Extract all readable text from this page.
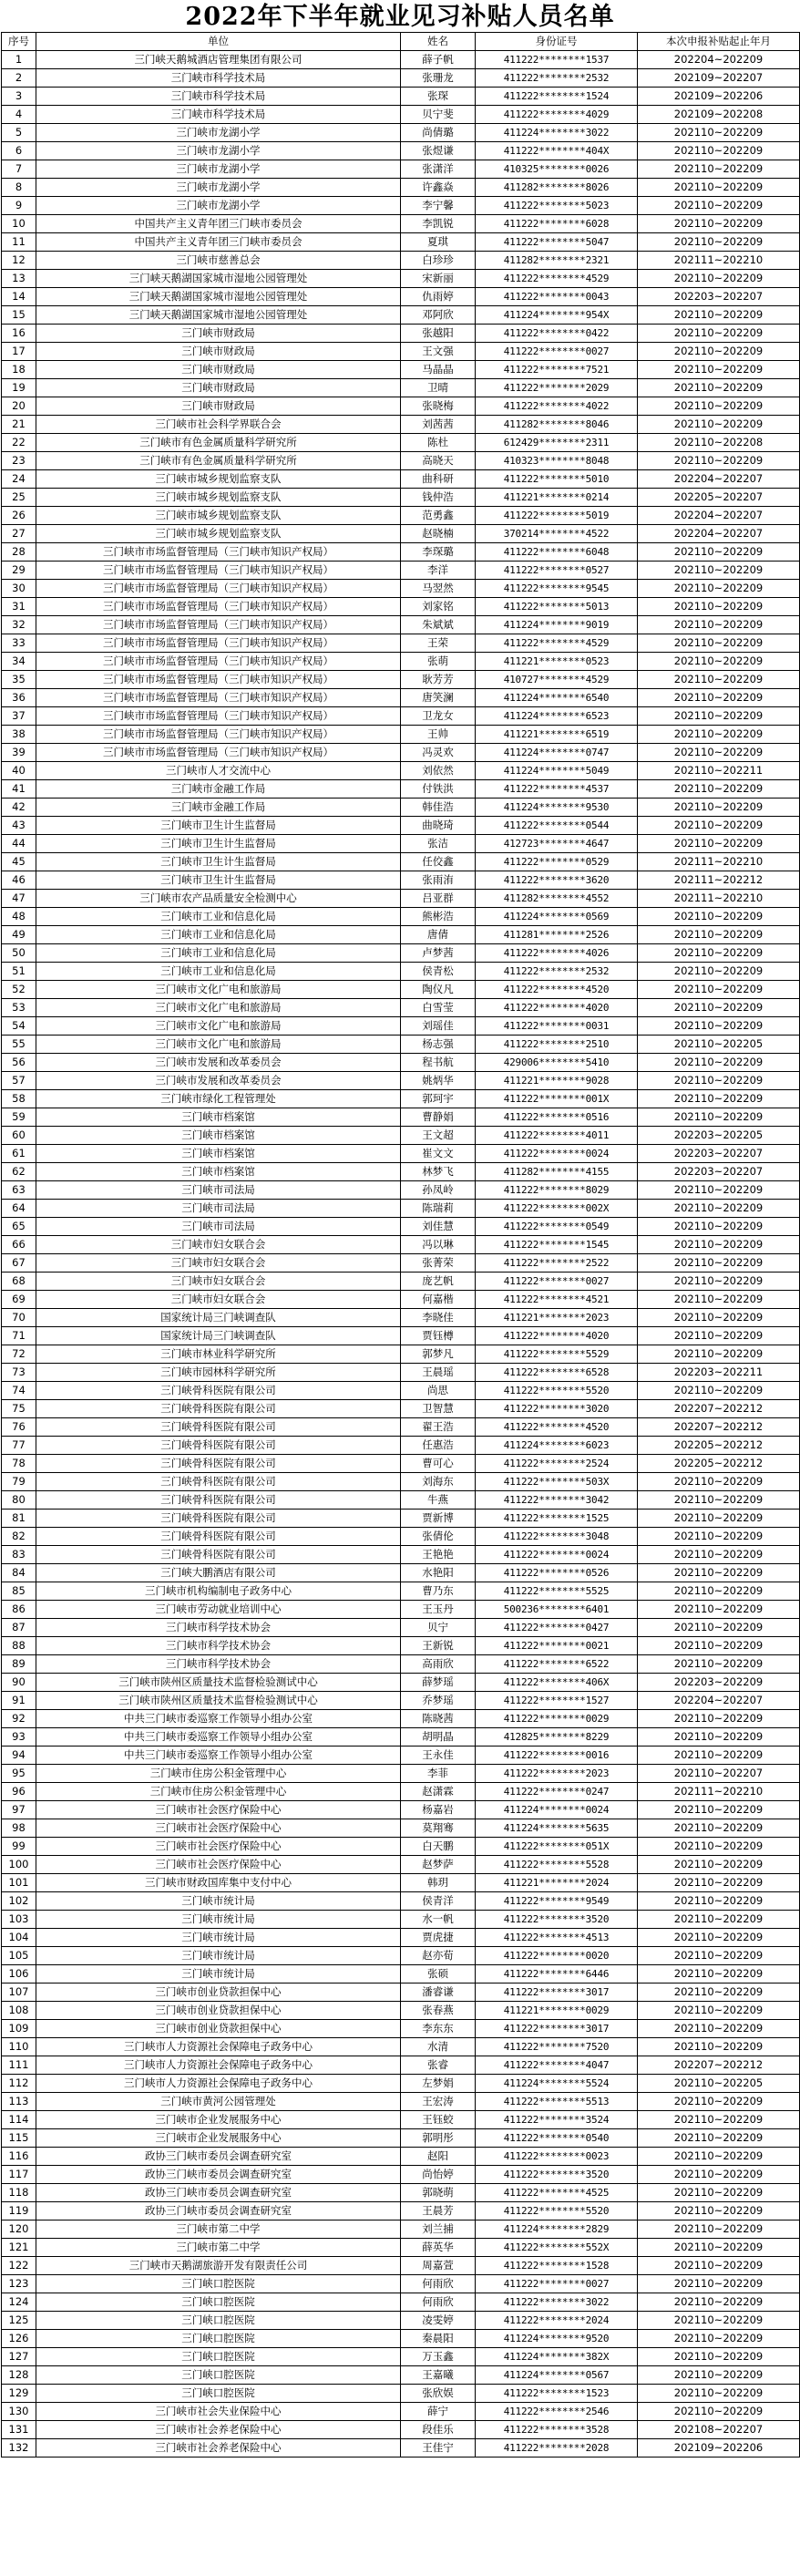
2022年下半年就业见习补贴人员名单
序号	单位	姓名	身份证号	本次申报补贴起止年月
1	三门峡天鹅城酒店管理集团有限公司	薛子帆	411222********1537	202204~202209
2	三门峡市科学技术局	张珊龙	411222********2532	202109~202207
3	三门峡市科学技术局	张琛	411222********1524	202109~202206
4	三门峡市科学技术局	贝宁斐	411222********4029	202109~202208
5	三门峡市龙湖小学	尚倩璐	411224********3022	202110~202209
6	三门峡市龙湖小学	张煜谦	411222********404X	202110~202209
7	三门峡市龙湖小学	张潇洋	410325********0026	202110~202209
8	三门峡市龙湖小学	许鑫焱	411282********8026	202110~202209
9	三门峡市龙湖小学	李宁馨	411222********5023	202110~202209
10	中国共产主义青年团三门峡市委员会	李凯锐	411222********6028	202110~202209
11	中国共产主义青年团三门峡市委员会	夏琪	411222********5047	202110~202209
12	三门峡市慈善总会	白珍珍	411282********2321	202111~202210
13	三门峡天鹅湖国家城市湿地公园管理处	宋新丽	411222********4529	202110~202209
14	三门峡天鹅湖国家城市湿地公园管理处	仇雨婷	411222********0043	202203~202207
15	三门峡天鹅湖国家城市湿地公园管理处	邓阿欣	411224********954X	202110~202209
16	三门峡市财政局	张越阳	411222********0422	202110~202209
17	三门峡市财政局	王文强	411222********0027	202110~202209
18	三门峡市财政局	马晶晶	411222********7521	202110~202209
19	三门峡市财政局	卫晴	411222********2029	202110~202209
20	三门峡市财政局	张晓梅	411222********4022	202110~202209
21	三门峡市社会科学界联合会	刘茜茜	411282********8046	202110~202209
22	三门峡市有色金属质量科学研究所	陈杜	612429********2311	202110~202208
23	三门峡市有色金属质量科学研究所	高晓天	410323********8048	202110~202209
24	三门峡市城乡规划监察支队	曲科研	411222********5010	202204~202207
25	三门峡市城乡规划监察支队	钱仲浩	411221********0214	202205~202207
26	三门峡市城乡规划监察支队	范勇鑫	411222********5019	202204~202207
27	三门峡市城乡规划监察支队	赵晓楠	370214********4522	202204~202207
28	三门峡市市场监督管理局（三门峡市知识产权局）	李琛璐	411222********6048	202110~202209
29	三门峡市市场监督管理局（三门峡市知识产权局）	李洋	411222********0527	202110~202209
30	三门峡市市场监督管理局（三门峡市知识产权局）	马翌然	411222********9545	202110~202209
31	三门峡市市场监督管理局（三门峡市知识产权局）	刘家铭	411222********5013	202110~202209
32	三门峡市市场监督管理局（三门峡市知识产权局）	朱斌斌	411224********9019	202110~202209
33	三门峡市市场监督管理局（三门峡市知识产权局）	王荣	411222********4529	202110~202209
34	三门峡市市场监督管理局（三门峡市知识产权局）	张萌	411221********0523	202110~202209
35	三门峡市市场监督管理局（三门峡市知识产权局）	耿芳芳	410727********4529	202110~202209
36	三门峡市市场监督管理局（三门峡市知识产权局）	唐笑澜	411224********6540	202110~202209
37	三门峡市市场监督管理局（三门峡市知识产权局）	卫龙女	411224********6523	202110~202209
38	三门峡市市场监督管理局（三门峡市知识产权局）	王帅	411221********6519	202110~202209
39	三门峡市市场监督管理局（三门峡市知识产权局）	冯灵欢	411224********0747	202110~202209
40	三门峡市人才交流中心	刘依然	411224********5049	202110~202211
41	三门峡市金融工作局	付铁洪	411222********4537	202110~202209
42	三门峡市金融工作局	韩佳浩	411224********9530	202110~202209
43	三门峡市卫生计生监督局	曲晓琦	411222********0544	202110~202209
44	三门峡市卫生计生监督局	张洁	412723********4647	202110~202209
45	三门峡市卫生计生监督局	任佼鑫	411222********0529	202111~202210
46	三门峡市卫生计生监督局	张雨洧	411222********3620	202111~202212
47	三门峡市农产品质量安全检测中心	吕亚群	411282********4552	202111~202210
48	三门峡市工业和信息化局	熊彬浩	411224********0569	202110~202209
49	三门峡市工业和信息化局	唐倩	411281********2526	202110~202209
50	三门峡市工业和信息化局	卢梦茜	411222********4026	202110~202209
51	三门峡市工业和信息化局	侯青松	411222********2532	202110~202209
52	三门峡市文化广电和旅游局	陶仪凡	411222********4520	202110~202209
53	三门峡市文化广电和旅游局	白雪莹	411222********4020	202110~202209
54	三门峡市文化广电和旅游局	刘瑶佳	411222********0031	202110~202209
55	三门峡市文化广电和旅游局	杨志强	411222********2510	202110~202205
56	三门峡市发展和改革委员会	程书航	429006********5410	202110~202209
57	三门峡市发展和改革委员会	姚炳华	411221********9028	202110~202209
58	三门峡市绿化工程管理处	郭珂宇	411222********001X	202110~202209
59	三门峡市档案馆	曹静娟	411222********0516	202110~202209
60	三门峡市档案馆	王文超	411222********4011	202203~202205
61	三门峡市档案馆	崔文文	411222********0024	202203~202207
62	三门峡市档案馆	林梦飞	411282********4155	202203~202207
63	三门峡市司法局	孙凤岭	411222********8029	202110~202209
64	三门峡市司法局	陈瑞莉	411222********002X	202110~202209
65	三门峡市司法局	刘佳慧	411222********0549	202110~202209
66	三门峡市妇女联合会	冯以琳	411222********1545	202110~202209
67	三门峡市妇女联合会	张菁荣	411222********2522	202110~202209
68	三门峡市妇女联合会	庞艺帆	411222********0027	202110~202209
69	三门峡市妇女联合会	何嘉楷	411222********4521	202110~202209
70	国家统计局三门峡调查队	李晓佳	411221********2023	202110~202209
71	国家统计局三门峡调查队	贾钰樽	411222********4020	202110~202209
72	三门峡市林业科学研究所	郭梦凡	411222********5529	202110~202209
73	三门峡市园林科学研究所	王晨瑶	411222********6528	202203~202211
74	三门峡骨科医院有限公司	尚思	411222********5520	202110~202209
75	三门峡骨科医院有限公司	卫智慧	411222********3020	202207~202212
76	三门峡骨科医院有限公司	翟王浩	411222********4520	202207~202212
77	三门峡骨科医院有限公司	任惠浩	411224********6023	202205~202212
78	三门峡骨科医院有限公司	曹可心	411222********2524	202205~202212
79	三门峡骨科医院有限公司	刘海东	411222********503X	202110~202209
80	三门峡骨科医院有限公司	牛燕	411222********3042	202110~202209
81	三门峡骨科医院有限公司	贾新博	411222********1525	202110~202209
82	三门峡骨科医院有限公司	张倩伦	411222********3048	202110~202209
83	三门峡骨科医院有限公司	王艳艳	411222********0024	202110~202209
84	三门峡大鹏酒店有限公司	水艳阳	411222********0526	202110~202209
85	三门峡市机构编制电子政务中心	曹乃东	411222********5525	202110~202209
86	三门峡市劳动就业培训中心	王玉丹	500236********6401	202110~202209
87	三门峡市科学技术协会	贝宁	411222********0427	202110~202209
88	三门峡市科学技术协会	王新锐	411222********0021	202110~202209
89	三门峡市科学技术协会	高雨欣	411222********6522	202110~202209
90	三门峡市陕州区质量技术监督检验测试中心	薛梦瑶	411222********406X	202203~202209
91	三门峡市陕州区质量技术监督检验测试中心	乔梦瑶	411222********1527	202204~202207
92	中共三门峡市委巡察工作领导小组办公室	陈晓茜	411222********0029	202110~202209
93	中共三门峡市委巡察工作领导小组办公室	胡明晶	412825********8229	202110~202209
94	中共三门峡市委巡察工作领导小组办公室	王永佳	411222********0016	202110~202209
95	三门峡市住房公积金管理中心	李菲	411222********2023	202110~202207
96	三门峡市住房公积金管理中心	赵潇霖	411222********0247	202111~202210
97	三门峡市社会医疗保险中心	杨嘉岩	411224********0024	202110~202209
98	三门峡市社会医疗保险中心	莫翔骞	411224********5635	202110~202209
99	三门峡市社会医疗保险中心	白天鹏	411222********051X	202110~202209
100	三门峡市社会医疗保险中心	赵梦萨	411222********5528	202110~202209
101	三门峡市财政国库集中支付中心	韩玥	411221********2024	202110~202209
102	三门峡市统计局	侯青洋	411222********9549	202110~202209
103	三门峡市统计局	水一帆	411222********3520	202110~202209
104	三门峡市统计局	贾虎捷	411222********4513	202110~202209
105	三门峡市统计局	赵亦荀	411222********0020	202110~202209
106	三门峡市统计局	张硕	411222********6446	202110~202209
107	三门峡市创业贷款担保中心	潘睿谦	411222********3017	202110~202209
108	三门峡市创业贷款担保中心	张春燕	411221********0029	202110~202209
109	三门峡市创业贷款担保中心	李东东	411222********3017	202110~202209
110	三门峡市人力资源社会保障电子政务中心	水清	411222********7520	202110~202209
111	三门峡市人力资源社会保障电子政务中心	张睿	411222********4047	202207~202212
112	三门峡市人力资源社会保障电子政务中心	左梦娟	411224********5524	202110~202205
113	三门峡市黄河公园管理处	王宏涛	411222********5513	202110~202209
114	三门峡市企业发展服务中心	王钰蛟	411222********3524	202110~202209
115	三门峡市企业发展服务中心	郭明彤	411222********0540	202110~202209
116	政协三门峡市委员会调查研究室	赵阳	411222********0023	202110~202209
117	政协三门峡市委员会调查研究室	尚怡婷	411222********3520	202110~202209
118	政协三门峡市委员会调查研究室	郭晓萌	411222********4525	202110~202209
119	政协三门峡市委员会调查研究室	王晨芳	411222********5520	202110~202209
120	三门峡市第二中学	刘兰捕	411224********2829	202110~202209
121	三门峡市第二中学	薛英华	411222********552X	202110~202209
122	三门峡市天鹅湖旅游开发有限责任公司	周嘉萱	411222********1528	202110~202209
123	三门峡口腔医院	何雨欣	411222********0027	202110~202209
124	三门峡口腔医院	何雨欣	411222********3022	202110~202209
125	三门峡口腔医院	凌雯婷	411222********2024	202110~202209
126	三门峡口腔医院	秦晨阳	411224********9520	202110~202209
127	三门峡口腔医院	万玉鑫	411224********382X	202110~202209
128	三门峡口腔医院	王嘉曦	411224********0567	202110~202209
129	三门峡口腔医院	张欣娱	411222********1523	202110~202209
130	三门峡市社会失业保险中心	薛宁	411222********2546	202110~202209
131	三门峡市社会养老保险中心	段佳乐	411222********3528	202108~202207
132	三门峡市社会养老保险中心	王佳宁	411222********2028	202109~202206
